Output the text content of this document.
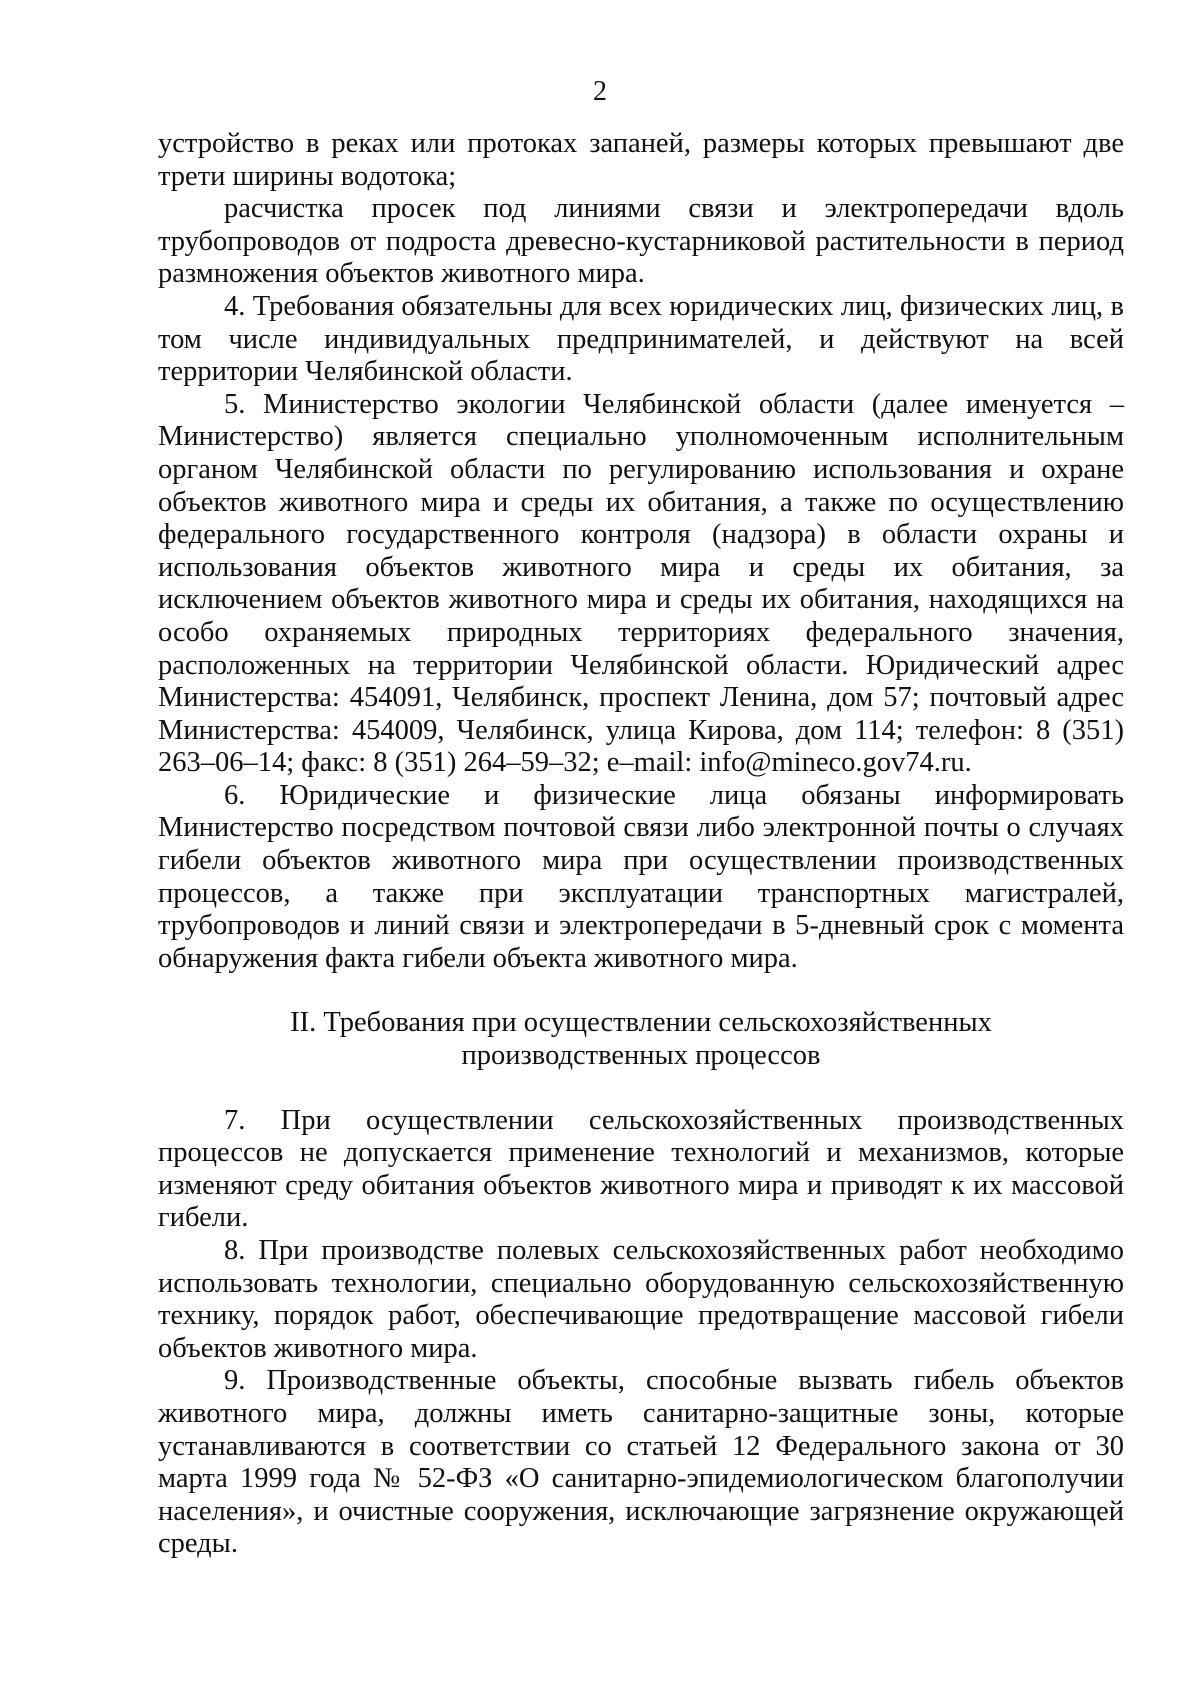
2

устройство в реках или протоках запаней, размеры которых превышают две трети ширины водотока;

расчистка просек под линиями связи и электропередачи вдоль трубопроводов от подроста древесно-кустарниковой растительности в период размножения объектов животного мира.

4. Требования обязательны для всех юридических лиц, физических лиц, в том числе индивидуальных предпринимателей, и действуют на всей территории Челябинской области.

5. Министерство экологии Челябинской области (далее именуется – Министерство) является специально уполномоченным исполнительным органом Челябинской области по регулированию использования и охране объектов животного мира и среды их обитания, а также по осуществлению федерального государственного контроля (надзора) в области охраны и использования объектов животного мира и среды их обитания, за исключением объектов животного мира и среды их обитания, находящихся на особо охраняемых природных территориях федерального значения, расположенных на территории Челябинской области. Юридический адрес Министерства: 454091, Челябинск, проспект Ленина, дом 57; почтовый адрес Министерства: 454009, Челябинск, улица Кирова, дом 114; телефон: 8 (351) 263–06–14; факс: 8 (351) 264–59–32; e–mail: info@mineco.gov74.ru.

6. Юридические и физические лица обязаны информировать Министерство посредством почтовой связи либо электронной почты о случаях гибели объектов животного мира при осуществлении производственных процессов, а также при эксплуатации транспортных магистралей, трубопроводов и линий связи и электропередачи в 5-дневный срок с момента обнаружения факта гибели объекта животного мира.

II. Требования при осуществлении сельскохозяйственных
производственных процессов

7. При осуществлении сельскохозяйственных производственных процессов не допускается применение технологий и механизмов, которые изменяют среду обитания объектов животного мира и приводят к их массовой гибели.

8. При производстве полевых сельскохозяйственных работ необходимо использовать технологии, специально оборудованную сельскохозяйственную технику, порядок работ, обеспечивающие предотвращение массовой гибели объектов животного мира.

9. Производственные объекты, способные вызвать гибель объектов животного мира, должны иметь санитарно-защитные зоны, которые устанавливаются в соответствии со статьей 12 Федерального закона от 30 марта 1999 года № 52-ФЗ «О санитарно-эпидемиологическом благополучии населения», и очистные сооружения, исключающие загрязнение окружающей среды.
